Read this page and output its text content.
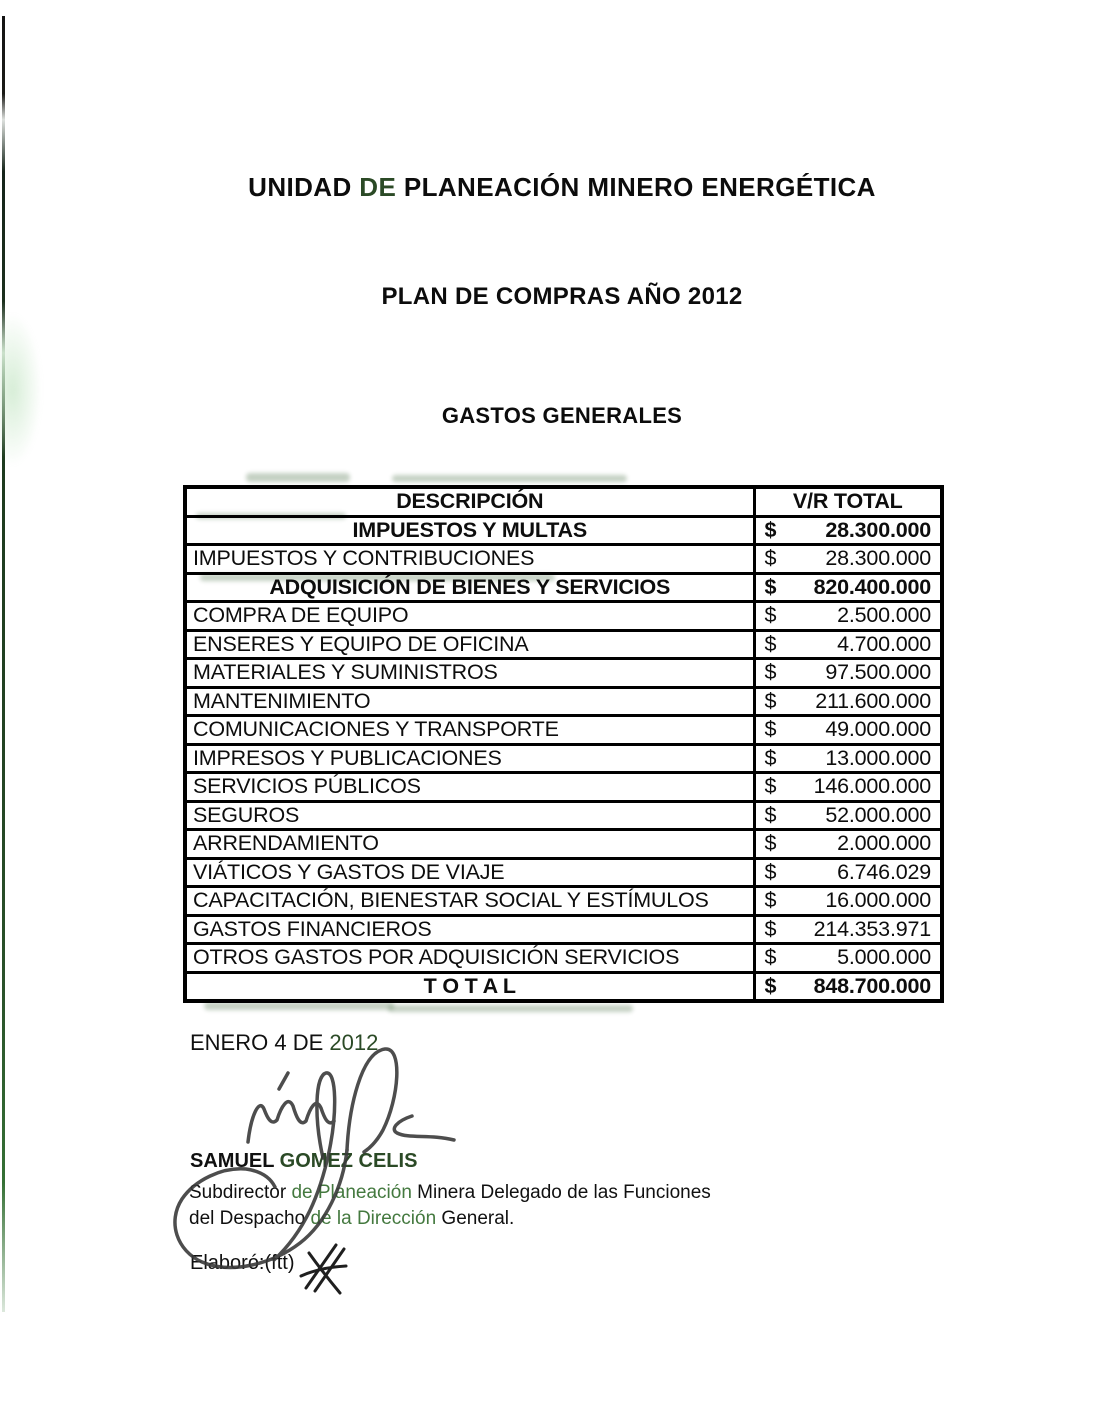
UNIDAD DE PLANEACIÓN MINERO ENERGÉTICA
PLAN DE COMPRAS AÑO 2012
GASTOS GENERALES
DESCRIPCIÓN	V/R TOTAL
IMPUESTOS Y MULTAS	$ 28.300.000
IMPUESTOS Y CONTRIBUCIONES	$ 28.300.000
ADQUISICIÓN DE BIENES Y SERVICIOS	$ 820.400.000
COMPRA DE EQUIPO	$ 2.500.000
ENSERES Y EQUIPO DE OFICINA	$ 4.700.000
MATERIALES Y SUMINISTROS	$ 97.500.000
MANTENIMIENTO	$ 211.600.000
COMUNICACIONES Y TRANSPORTE	$ 49.000.000
IMPRESOS Y PUBLICACIONES	$ 13.000.000
SERVICIOS PÚBLICOS	$ 146.000.000
SEGUROS	$ 52.000.000
ARRENDAMIENTO	$ 2.000.000
VIÁTICOS Y GASTOS DE VIAJE	$ 6.746.029
CAPACITACIÓN, BIENESTAR SOCIAL Y ESTÍMULOS	$ 16.000.000
GASTOS FINANCIEROS	$ 214.353.971
OTROS GASTOS POR ADQUISICIÓN SERVICIOS	$ 5.000.000
T O T A L	$ 848.700.000
ENERO 4 DE 2012
SAMUEL GOMEZ CELIS
Subdirector de Planeación Minera Delegado de las Funciones
del Despacho de la Dirección General.
Elaboró:(ftt)
